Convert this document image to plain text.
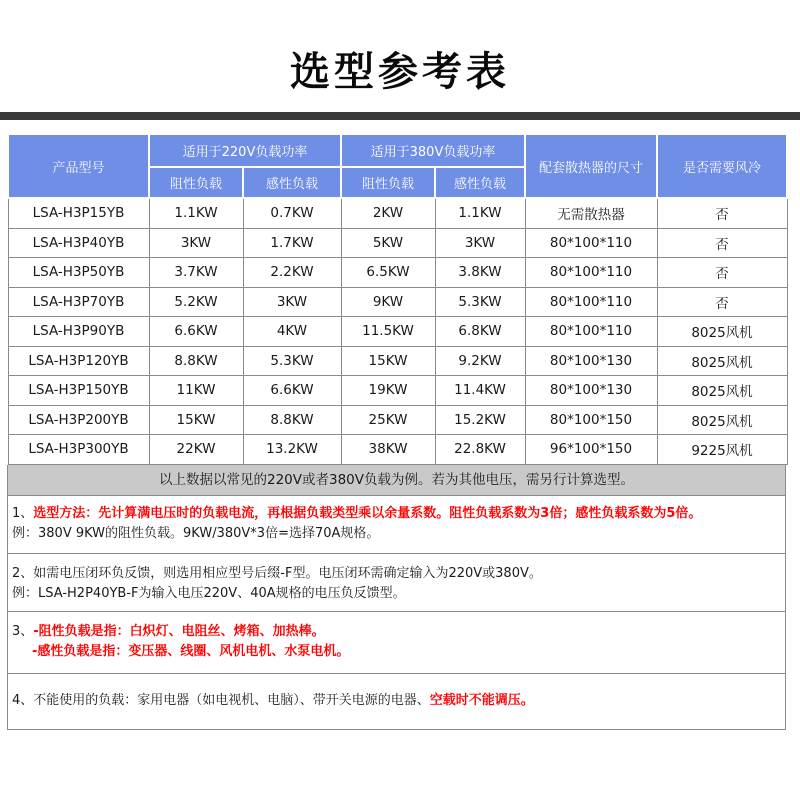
选型参考表
产品型号	适用于220V负载功率		适用于380V负载功率		配套散热器的尺寸	是否需要风冷
	阻性负载	感性负载	阻性负载	感性负载		
LSA-H3P15YB	1.1KW	0.7KW	2KW	1.1KW	无需散热器	否
LSA-H3P40YB	3KW	1.7KW	5KW	3KW	80*100*110	否
LSA-H3P50YB	3.7KW	2.2KW	6.5KW	3.8KW	80*100*110	否
LSA-H3P70YB	5.2KW	3KW	9KW	5.3KW	80*100*110	否
LSA-H3P90YB	6.6KW	4KW	11.5KW	6.8KW	80*100*110	8025风机
LSA-H3P120YB	8.8KW	5.3KW	15KW	9.2KW	80*100*130	8025风机
LSA-H3P150YB	11KW	6.6KW	19KW	11.4KW	80*100*130	8025风机
LSA-H3P200YB	15KW	8.8KW	25KW	15.2KW	80*100*150	8025风机
LSA-H3P300YB	22KW	13.2KW	38KW	22.8KW	96*100*150	9225风机
以上数据以常见的220V或者380V负载为例。若为其他电压，需另行计算选型。
1、选型方法：先计算满电压时的负载电流，再根据负载类型乘以余量系数。阻性负载系数为3倍；感性负载系数为5倍。
例：380V 9KW的阻性负载。9KW/380V*3倍=选择70A规格。
2、如需电压闭环负反馈，则选用相应型号后缀-F型。电压闭环需确定输入为220V或380V。
例：LSA-H2P40YB-F为输入电压220V、40A规格的电压负反馈型。
3、-阻性负载是指：白炽灯、电阻丝、烤箱、加热棒。
-感性负载是指：变压器、线圈、风机电机、水泵电机。
4、不能使用的负载：家用电器（如电视机、电脑）、带开关电源的电器、空载时不能调压。
